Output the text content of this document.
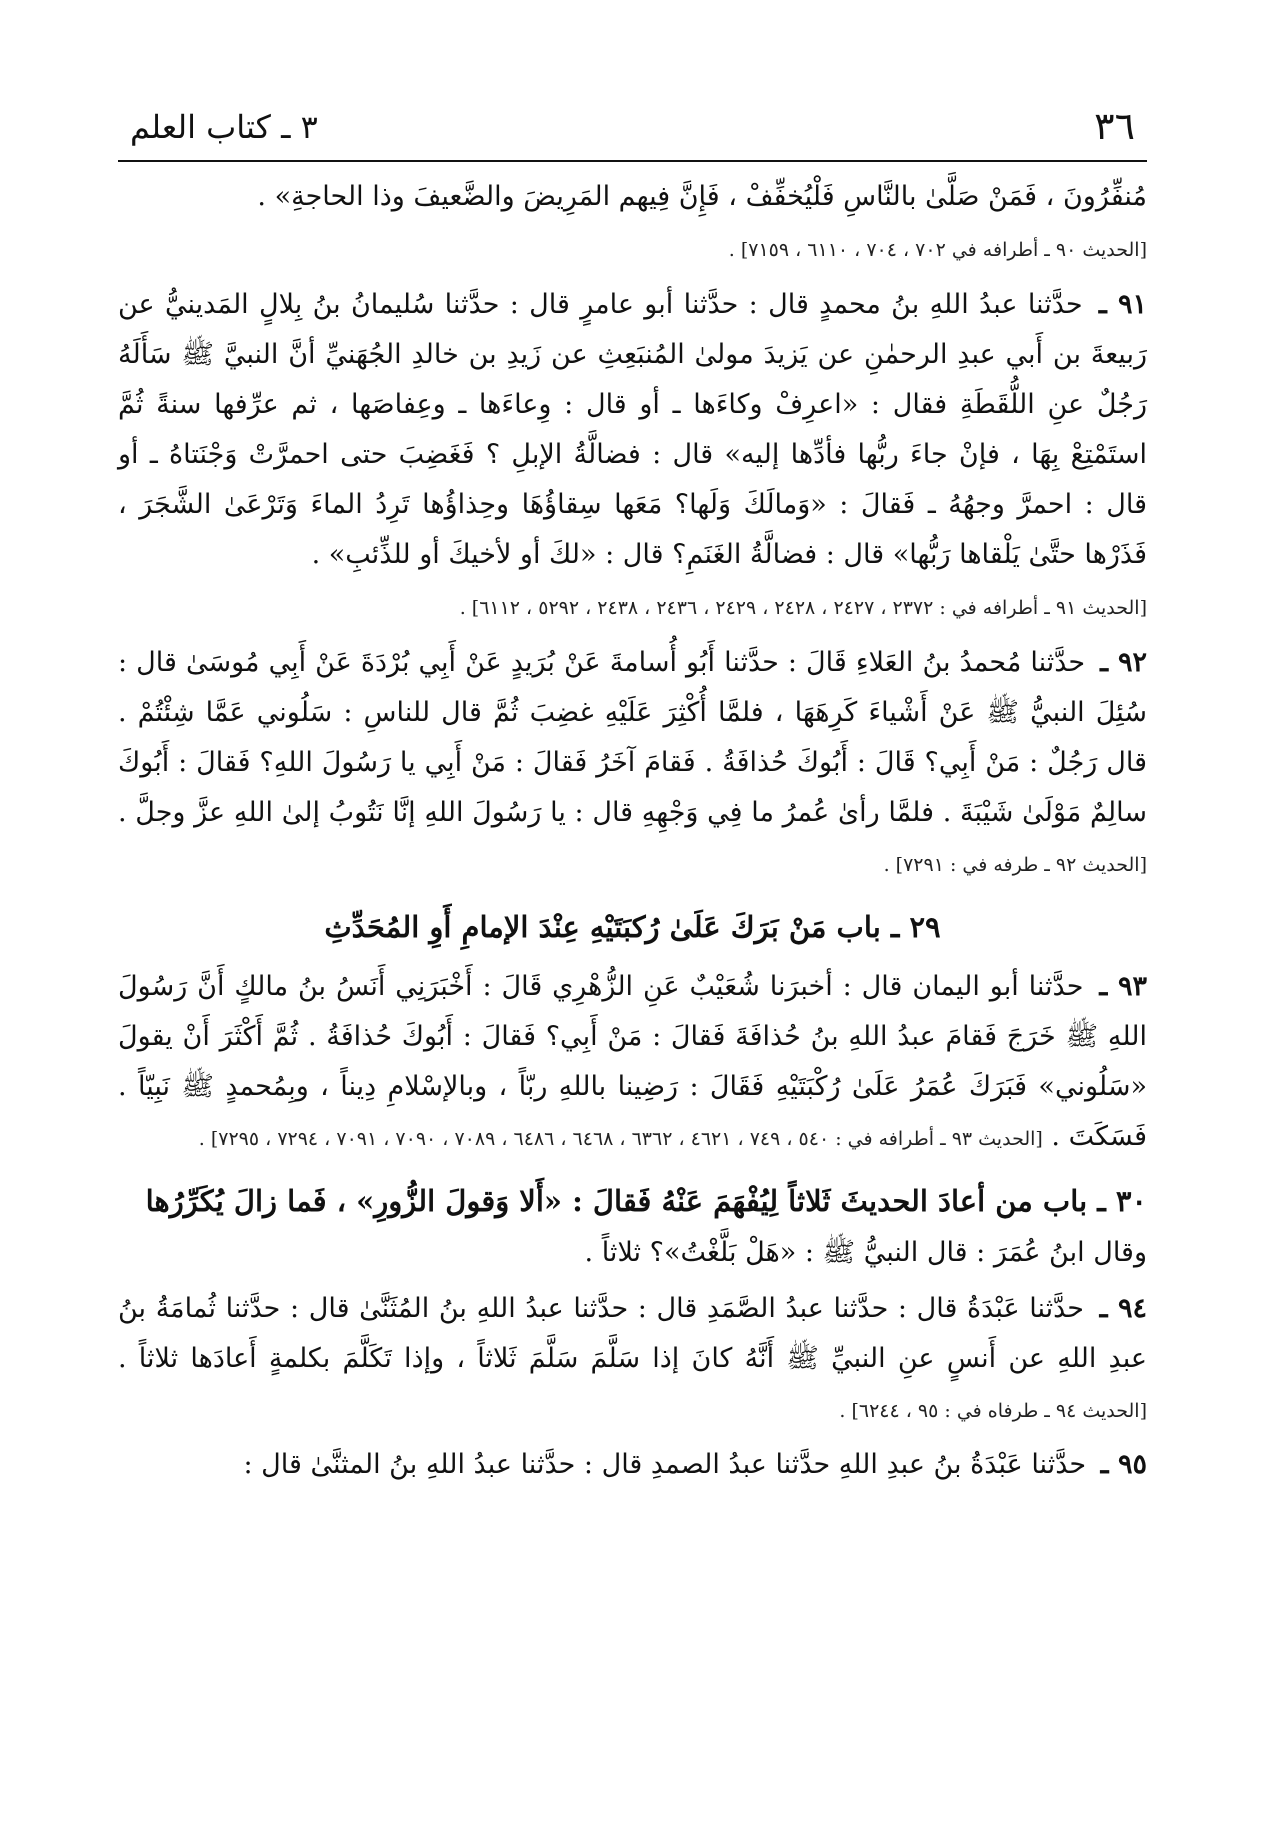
٣٦
٣ ـ كتاب العلم

مُنفِّرُونَ ، فَمَنْ صَلَّىٰ بالنَّاسِ فَلْيُخفِّفْ ، فَإِنَّ فِيهم المَرِيضَ والضَّعيفَ وذا الحاجةِ» .

[الحديث ٩٠ ـ أطرافه في ٧٠٢ ، ٧٠٤ ، ٦١١٠ ، ٧١٥٩] .

٩١ ـ حدَّثنا عبدُ اللهِ بنُ محمدٍ قال : حدَّثنا أبو عامرٍ قال : حدَّثنا سُليمانُ بنُ بِلالٍ المَدينيُّ عن رَبيعةَ بن أَبي عبدِ الرحمٰنِ عن يَزيدَ مولىٰ المُنبَعِثِ عن زَيدِ بن خالدِ الجُهَنيِّ أنَّ النبيَّ ﷺ سَأَلَهُ رَجُلٌ عنِ اللُّقَطَةِ فقال : «اعرِفْ وكاءَها ـ أو قال : وِعاءَها ـ وعِفاصَها ، ثم عرِّفها سنةً ثُمَّ استَمْتِعْ بِهَا ، فإنْ جاءَ ربُّها فأدِّها إليه» قال : فضالَّةُ الإبلِ ؟ فَغَضِبَ حتى احمرَّتْ وَجْنَتاهُ ـ أو قال : احمرَّ وجهُهُ ـ فَقالَ : «وَمالَكَ وَلَها؟ مَعَها سِقاؤُهَا وحِذاؤُها تَرِدُ الماءَ وَتَرْعَىٰ الشَّجَرَ ، فَذَرْها حتَّىٰ يَلْقاها رَبُّها» قال : فضالَّةُ الغَنَمِ؟ قال : «لكَ أو لأخيكَ أو للذِّئبِ» .

[الحديث ٩١ ـ أطرافه في : ٢٣٧٢ ، ٢٤٢٧ ، ٢٤٢٨ ، ٢٤٢٩ ، ٢٤٣٦ ، ٢٤٣٨ ، ٥٢٩٢ ، ٦١١٢] .

٩٢ ـ حدَّثنا مُحمدُ بنُ العَلاءِ قَالَ : حدَّثنا أَبُو أُسامةَ عَنْ بُرَيدٍ عَنْ أَبِي بُرْدَةَ عَنْ أَبِي مُوسَىٰ قال : سُئِلَ النبيُّ ﷺ عَنْ أَشْياءَ كَرِهَهَا ، فلمَّا أُكْثِرَ عَلَيْهِ غضِبَ ثُمَّ قال للناسِ : سَلُوني عَمَّا شِئْتُمْ . قال رَجُلٌ : مَنْ أَبِي؟ قَالَ : أَبُوكَ حُذافَةُ . فَقامَ آخَرُ فَقالَ : مَنْ أَبِي يا رَسُولَ اللهِ؟ فَقالَ : أَبُوكَ سالِمٌ مَوْلَىٰ شَيْبَةَ . فلمَّا رأىٰ عُمرُ ما فِي وَجْهِهِ قال : يا رَسُولَ اللهِ إنَّا نَتُوبُ إلىٰ اللهِ عزَّ وجلَّ . [الحديث ٩٢ ـ طرفه في : ٧٢٩١] .

٢٩ ـ باب مَنْ بَرَكَ عَلَىٰ رُكبَتَيْهِ عِنْدَ الإمامِ أَوِ المُحَدِّثِ

٩٣ ـ حدَّثنا أبو اليمان قال : أخبرَنا شُعَيْبٌ عَنِ الزُّهْرِي قَالَ : أَخْبَرَنِي أَنَسُ بنُ مالكٍ أَنَّ رَسُولَ اللهِ ﷺ خَرَجَ فَقامَ عبدُ اللهِ بنُ حُذافَةَ فَقالَ : مَنْ أَبِي؟ فَقالَ : أَبُوكَ حُذافَةُ . ثُمَّ أَكْثَرَ أَنْ يقولَ «سَلُوني» فَبَرَكَ عُمَرُ عَلَىٰ رُكْبَتَيْهِ فَقَالَ : رَضِينا باللهِ ربّاً ، وبالإسْلامِ دِيناً ، وبِمُحمدٍ ﷺ نَبِيّاً . فَسَكَتَ . [الحديث ٩٣ ـ أطرافه في : ٥٤٠ ، ٧٤٩ ، ٤٦٢١ ، ٦٣٦٢ ، ٦٤٦٨ ، ٦٤٨٦ ، ٧٠٨٩ ، ٧٠٩٠ ، ٧٠٩١ ، ٧٢٩٤ ، ٧٢٩٥] .

٣٠ ـ باب من أعادَ الحديثَ ثَلاثاً لِيُفْهَمَ عَنْهُ فَقالَ : «أَلا وَقولَ الزُّورِ» ، فَما زالَ يُكَرِّرُها

وقال ابنُ عُمَرَ : قال النبيُّ ﷺ : «هَلْ بَلَّغْتُ»؟ ثلاثاً .

٩٤ ـ حدَّثنا عَبْدَةُ قال : حدَّثنا عبدُ الصَّمَدِ قال : حدَّثنا عبدُ اللهِ بنُ المُثَنَّىٰ قال : حدَّثنا ثُمامَةُ بنُ عبدِ اللهِ عن أَنسٍ عنِ النبيِّ ﷺ أَنَّهُ كانَ إذا سَلَّمَ سَلَّمَ ثَلاثاً ، وإذا تَكَلَّمَ بكلمةٍ أَعادَها ثلاثاً . [الحديث ٩٤ ـ طرفاه في : ٩٥ ، ٦٢٤٤] .

٩٥ ـ حدَّثنا عَبْدَةُ بنُ عبدِ اللهِ حدَّثنا عبدُ الصمدِ قال : حدَّثنا عبدُ اللهِ بنُ المثنَّىٰ قال :
